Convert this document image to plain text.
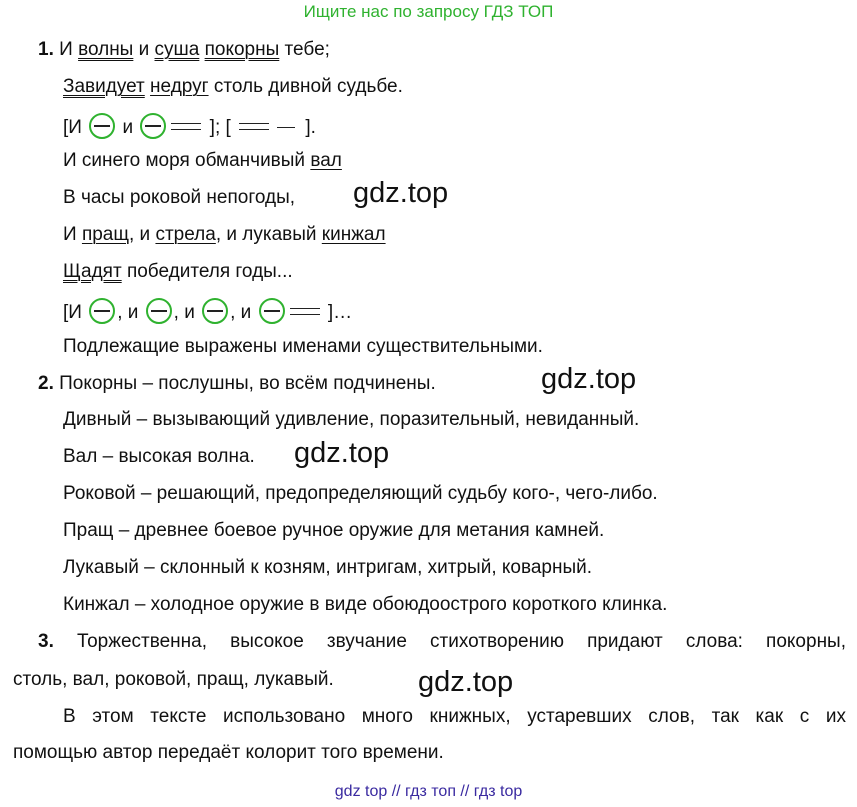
Ищите нас по запросу ГДЗ ТОП
1. И волны и суша покорны тебе;
Завидует недруг столь дивной судьбе.
[И  и	]; [	].
И синего моря обманчивый вал
В часы роковой непогоды, gdz.top
И пращ, и стрела, и лукавый кинжал
Щадят победителя годы...
[И , и , и , и	]…
Подлежащие выражены именами существительными.
2. Покорны – послушны, во всём подчинены.	gdz.top
Дивный – вызывающий удивление, поразительный, невиданный.
Вал – высокая волна. gdz.top
Роковой – решающий, предопределяющий судьбу кого-, чего-либо.
Пращ – древнее боевое ручное оружие для метания камней.
Лукавый – склонный к козням, интригам, хитрый, коварный.
Кинжал – холодное оружие в виде обоюдоострого короткого клинка.
3. Торжественна, высокое звучание стихотворению придают слова: покорны,
столь, вал, роковой, пращ, лукавый.	gdz.top
В этом тексте использовано много книжных, устаревших слов, так как с их
помощью автор передаёт колорит того времени.
gdz top // гдз топ // гдз top
